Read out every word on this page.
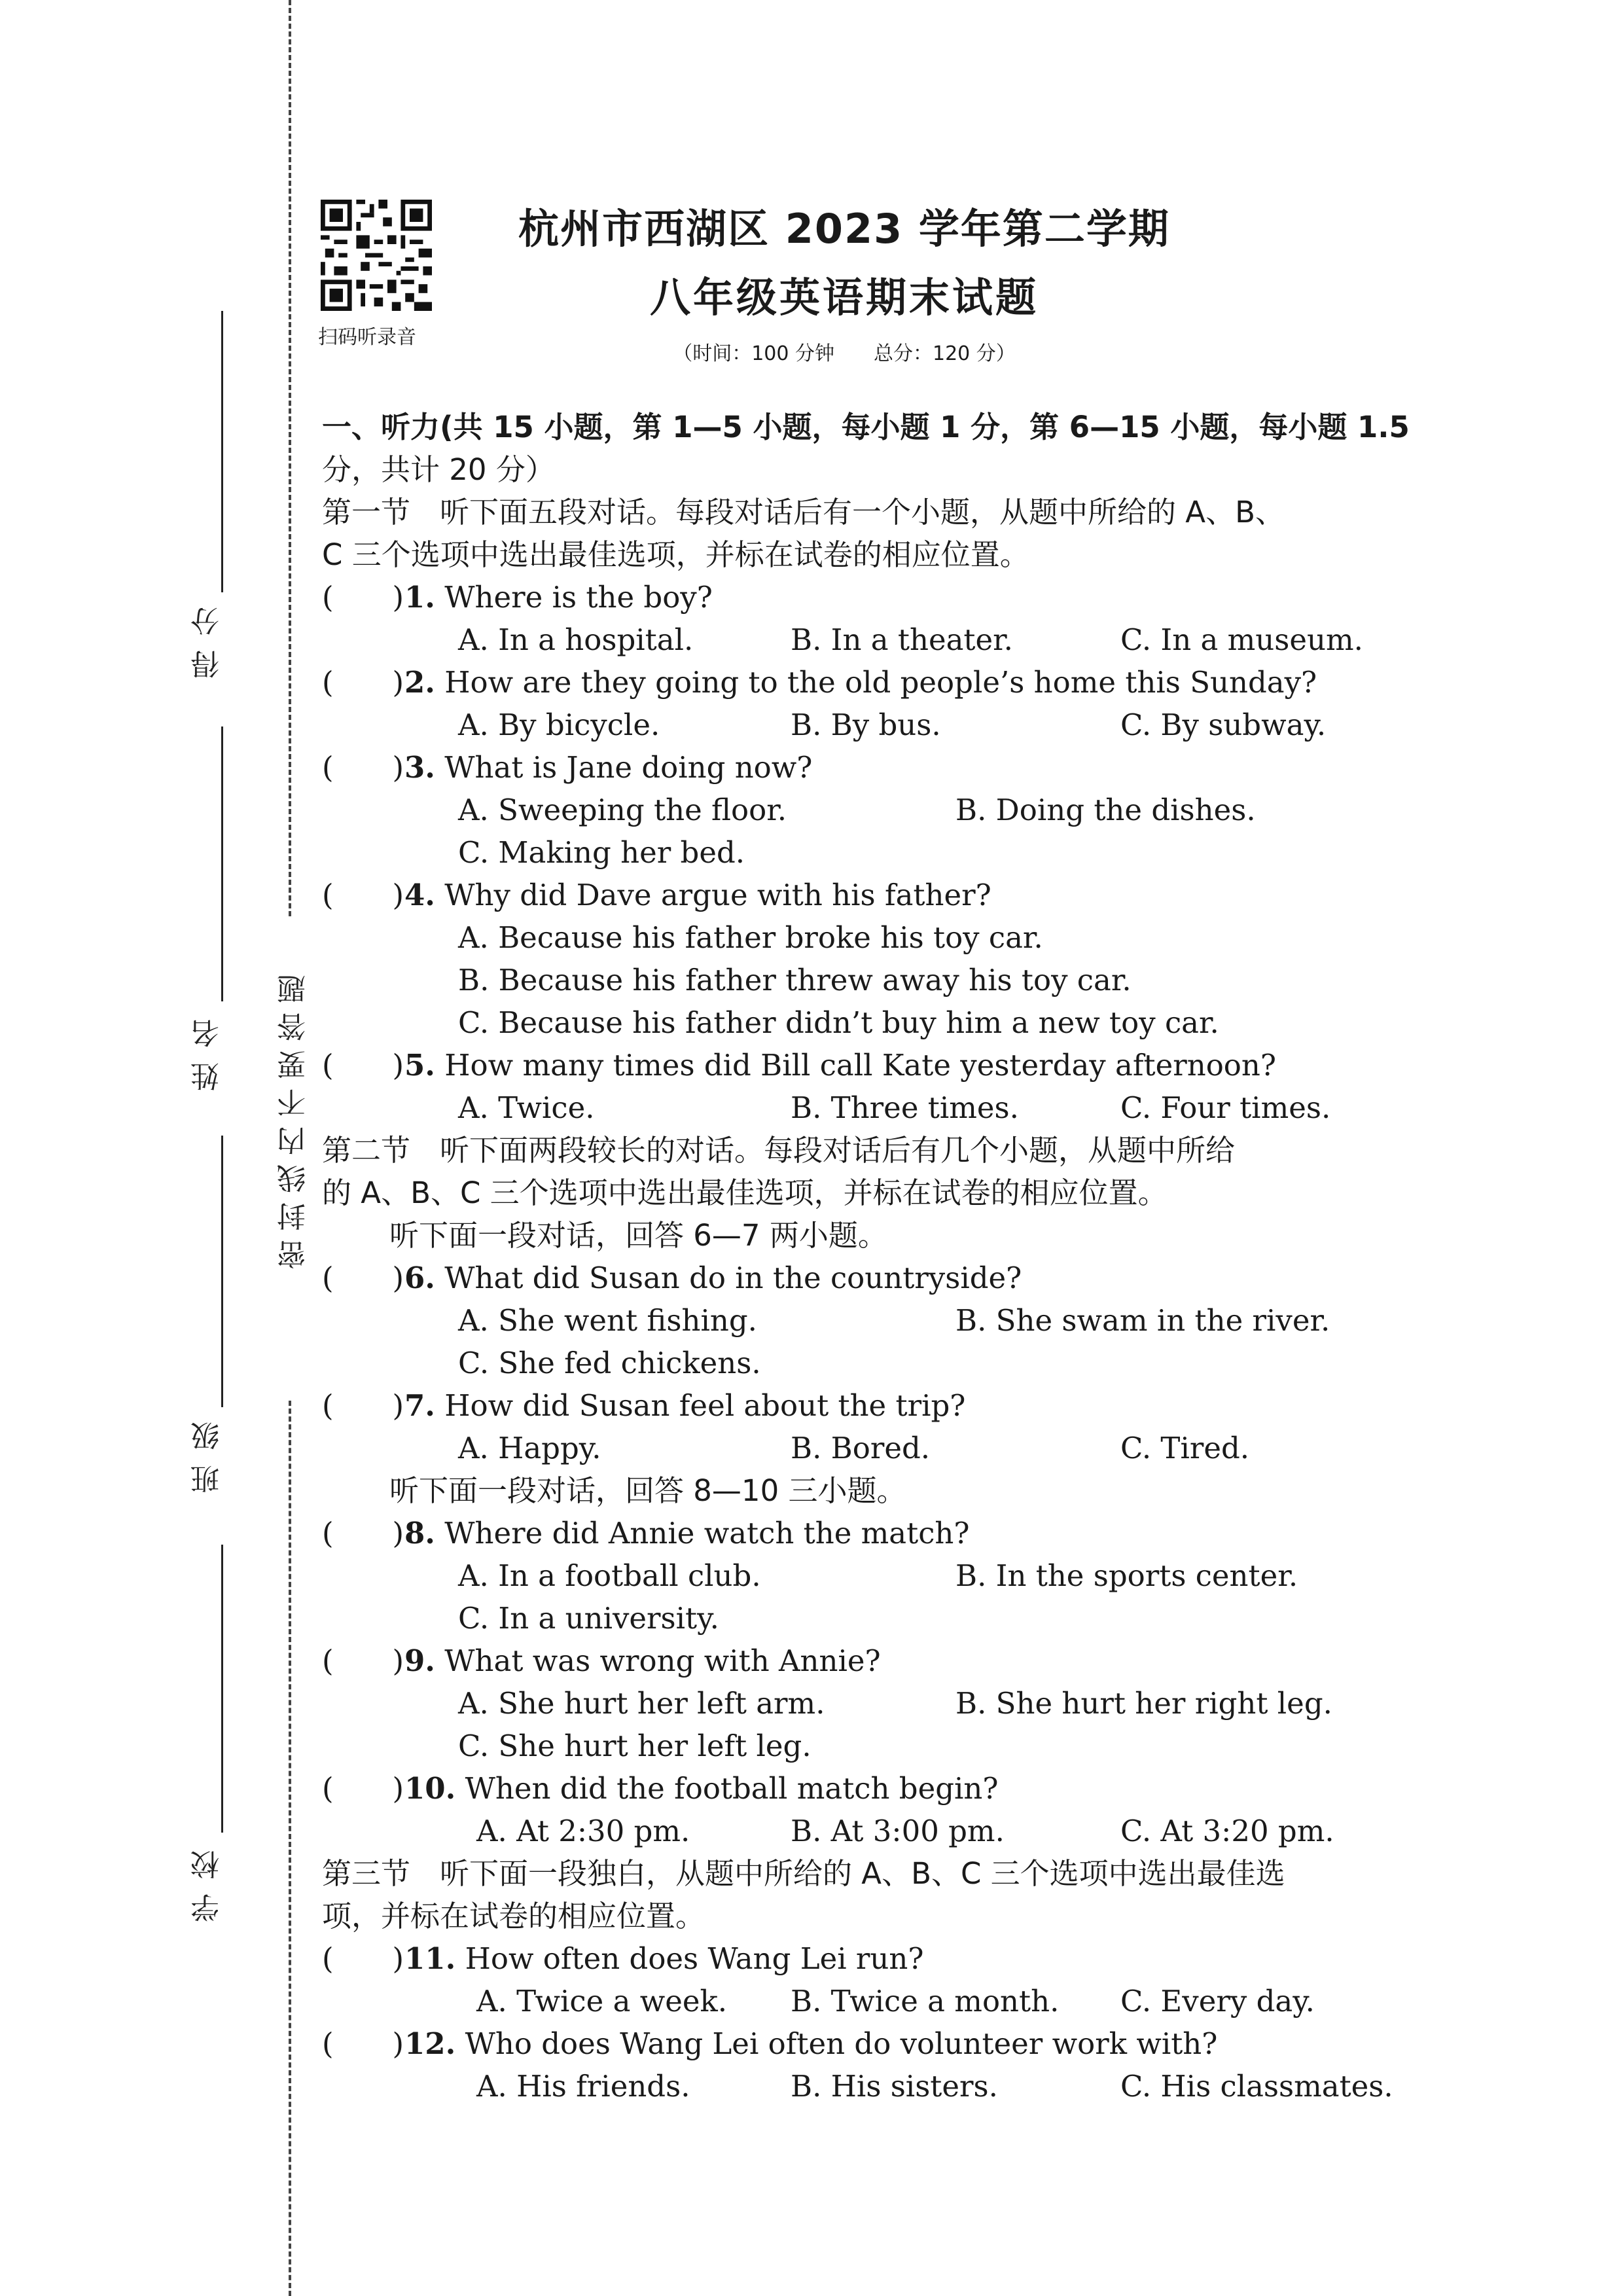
密封线内不要答题
得分
姓名
班级
学校
扫码听录音
杭州市西湖区 2023 学年第二学期
八年级英语期末试题
（时间：100 分钟　　总分：120 分）
一、听力(共 15 小题，第 1—5 小题，每小题 1 分，第 6—15 小题，每小题 1.5
分，共计 20 分）
第一节　听下面五段对话。每段对话后有一个小题，从题中所给的 A、B、
C 三个选项中选出最佳选项，并标在试卷的相应位置。
(　　) 1. Where is the boy?
A. In a hospital.	B. In a theater.	C. In a museum.
(　　) 2. How are they going to the old people’s home this Sunday?
A. By bicycle.	B. By bus.	C. By subway.
(　　) 3. What is Jane doing now?
A. Sweeping the floor.	B. Doing the dishes.
C. Making her bed.
(　　) 4. Why did Dave argue with his father?
A. Because his father broke his toy car.
B. Because his father threw away his toy car.
C. Because his father didn’t buy him a new toy car.
(　　) 5. How many times did Bill call Kate yesterday afternoon?
A. Twice.	B. Three times.	C. Four times.
第二节　听下面两段较长的对话。每段对话后有几个小题，从题中所给
的 A、B、C 三个选项中选出最佳选项，并标在试卷的相应位置。
听下面一段对话，回答 6—7 两小题。
(　　) 6. What did Susan do in the countryside?
A. She went fishing.	B. She swam in the river.
C. She fed chickens.
(　　) 7. How did Susan feel about the trip?
A. Happy.	B. Bored.	C. Tired.
听下面一段对话，回答 8—10 三小题。
(　　) 8. Where did Annie watch the match?
A. In a football club.	B. In the sports center.
C. In a university.
(　　) 9. What was wrong with Annie?
A. She hurt her left arm.	B. She hurt her right leg.
C. She hurt her left leg.
(　　) 10. When did the football match begin?
A. At 2:30 pm.	B. At 3:00 pm.	C. At 3:20 pm.
第三节　听下面一段独白，从题中所给的 A、B、C 三个选项中选出最佳选
项，并标在试卷的相应位置。
(　　) 11. How often does Wang Lei run?
A. Twice a week. B. Twice a month. C. Every day.
(　　) 12. Who does Wang Lei often do volunteer work with?
A. His friends.	B. His sisters.	C. His classmates.
